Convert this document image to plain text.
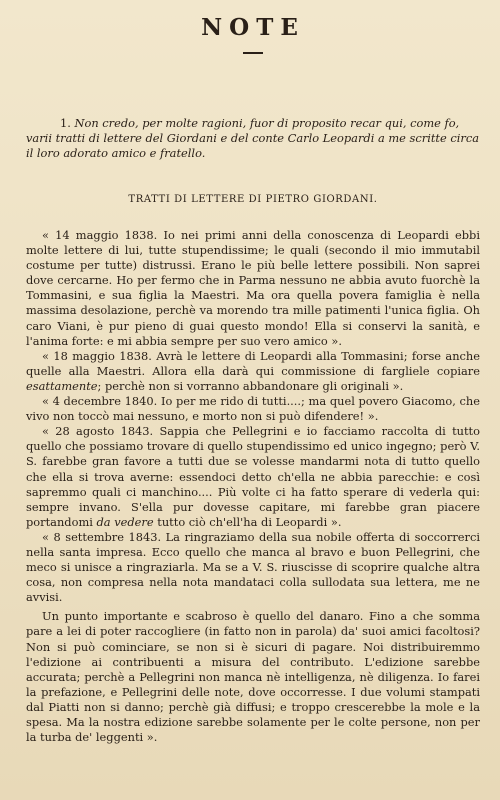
NOTE

1. Non credo, per molte ragioni, fuor di proposito recar qui, come fo, varii tratti di lettere del Giordani e del conte Carlo Leopardi a me scritte circa il loro adorato amico e fratello.

TRATTI DI LETTERE DI PIETRO GIORDANI.

« 14 maggio 1838. Io nei primi anni della conoscenza di Leopardi ebbi molte lettere di lui, tutte stupendissime; le quali (secondo il mio immutabil costume per tutte) distrussi. Erano le più belle lettere possibili. Non saprei dove cercarne. Ho per fermo che in Parma nessuno ne abbia avuto fuorchè la Tommasini, e sua figlia la Maestri. Ma ora quella povera famiglia è nella massima desolazione, perchè va morendo tra mille patimenti l'unica figlia. Oh caro Viani, è pur pieno di guai questo mondo! Ella si conservi la sanità, e l'anima forte: e mi abbia sempre per suo vero amico ».

« 18 maggio 1838. Avrà le lettere di Leopardi alla Tommasini; forse anche quelle alla Maestri. Allora ella darà qui commissione di fargliele copiare esattamente; perchè non si vorranno abbandonare gli originali ».

« 4 decembre 1840. Io per me rido di tutti....; ma quel povero Giacomo, che vivo non toccò mai nessuno, e morto non si può difendere! ».

« 28 agosto 1843. Sappia che Pellegrini e io facciamo raccolta di tutto quello che possiamo trovare di quello stupendissimo ed unico ingegno; però V. S. farebbe gran favore a tutti due se volesse mandarmi nota di tutto quello che ella si trova averne: essendoci detto ch'ella ne abbia parecchie: e così sapremmo quali ci manchino.... Più volte ci ha fatto sperare di vederla qui: sempre invano. S'ella pur dovesse capitare, mi farebbe gran piacere portandomi da vedere tutto ciò ch'ell'ha di Leopardi ».

« 8 settembre 1843. La ringraziamo della sua nobile offerta di soccorrerci nella santa impresa. Ecco quello che manca al bravo e buon Pellegrini, che meco si unisce a ringraziarla. Ma se a V. S. riuscisse di scoprire qualche altra cosa, non compresa nella nota mandataci colla sullodata sua lettera, me ne avvisi.

Un punto importante e scabroso è quello del danaro. Fino a che somma pare a lei di poter raccogliere (in fatto non in parola) da' suoi amici facoltosi? Non si può cominciare, se non si è sicuri di pagare. Noi distribuiremmo l'edizione ai contribuenti a misura del contributo. L'edizione sarebbe accurata; perchè a Pellegrini non manca nè intelligenza, nè diligenza. Io farei la prefazione, e Pellegrini delle note, dove occorresse. I due volumi stampati dal Piatti non si danno; perchè già diffusi; e troppo crescerebbe la mole e la spesa. Ma la nostra edizione sarebbe solamente per le colte persone, non per la turba de' leggenti ».
